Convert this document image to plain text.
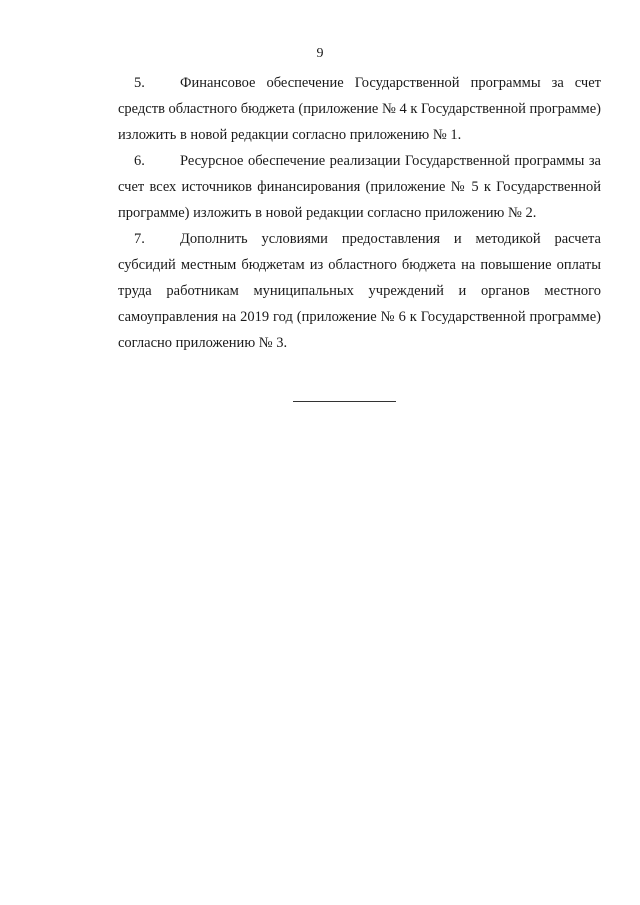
9

5. Финансовое обеспечение Государственной программы за счет средств областного бюджета (приложение № 4 к Государственной программе) изложить в новой редакции согласно приложению № 1.

6. Ресурсное обеспечение реализации Государственной программы за счет всех источников финансирования (приложение № 5 к Государственной программе) изложить в новой редакции согласно приложению № 2.

7. Дополнить условиями предоставления и методикой расчета субсидий местным бюджетам из областного бюджета на повышение оплаты труда работникам муниципальных учреждений и органов местного самоуправления на 2019 год (приложение № 6 к Государственной программе) согласно приложению № 3.
